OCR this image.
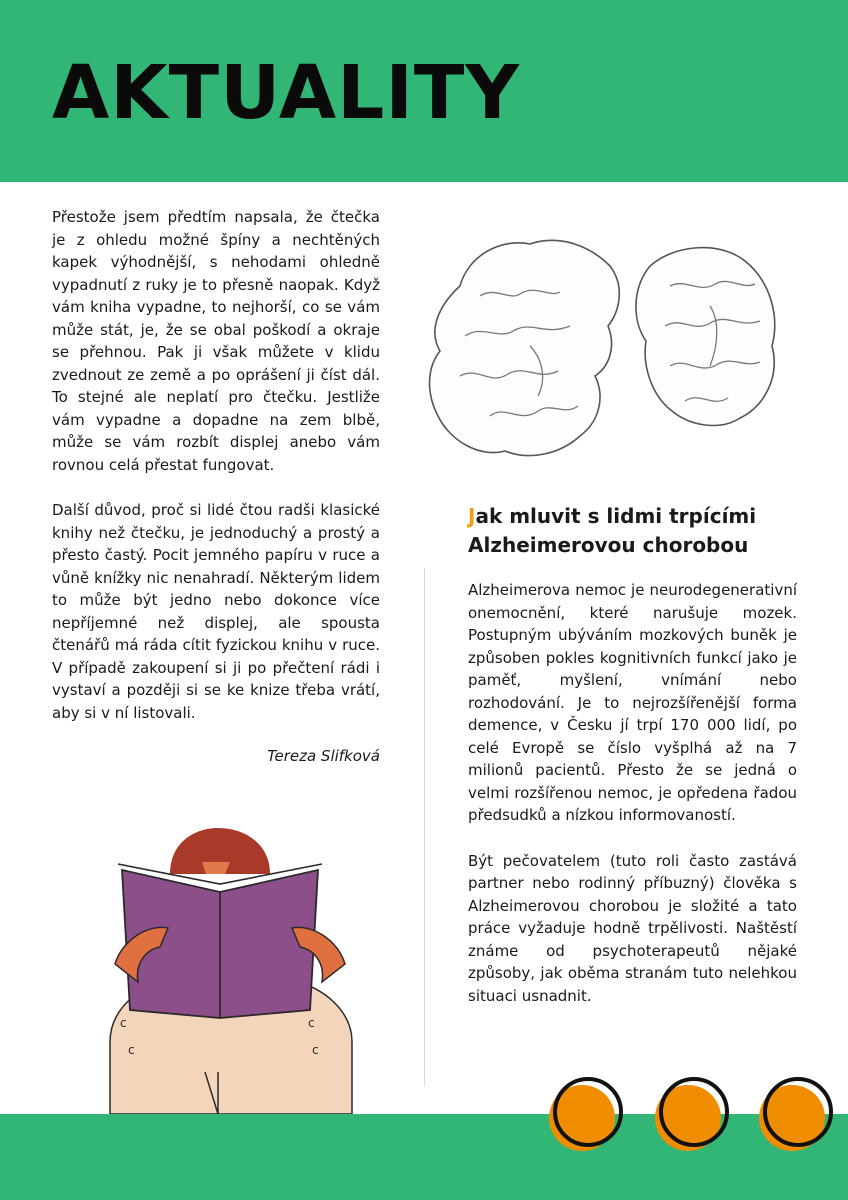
AKTUALITY

Přestože jsem předtím napsala, že čtečka je z ohledu možné špíny a nechtěných kapek výhodnější, s nehodami ohledně vypadnutí z ruky je to přesně naopak. Když vám kniha vypadne, to nejhorší, co se vám může stát, je, že se obal poškodí a okraje se přehnou. Pak ji však můžete v klidu zvednout ze země a po oprášení ji číst dál. To stejné ale neplatí pro čtečku. Jestliže vám vypadne a dopadne na zem blbě, může se vám rozbít displej anebo vám rovnou celá přestat fungovat.

Další důvod, proč si lidé čtou radši klasické knihy než čtečku, je jednoduchý a prostý a přesto častý. Pocit jemného papíru v ruce a vůně knížky nic nenahradí. Některým lidem to může být jedno nebo dokonce více nepříjemné než displej, ale spousta čtenářů má ráda cítit fyzickou knihu v ruce. V případě zakoupení si ji po přečtení rádi i vystaví a později si se ke knize třeba vrátí, aby si v ní listovali.

Tereza Slifková
Jak mluvit s lidmi trpícími Alzheimerovou chorobou

Alzheimerova nemoc je neurodegenerativní onemocnění, které narušuje mozek. Postupným ubýváním mozkových buněk je způsoben pokles kognitivních funkcí jako je paměť, myšlení, vnímání nebo rozhodování. Je to nejrozšířenější forma demence, v Česku jí trpí 170 000 lidí, po celé Evropě se číslo vyšplhá až na 7 milionů pacientů. Přesto že se jedná o velmi rozšířenou nemoc, je opředena řadou předsudků a nízkou informovaností.

Být pečovatelem (tuto roli často zastává partner nebo rodinný příbuzný) člověka s Alzheimerovou chorobou je složité a tato práce vyžaduje hodně trpělivosti. Naštěstí známe od psychoterapeutů nějaké způsoby, jak oběma stranám tuto nelehkou situaci usnadnit.

c
c
c
c
